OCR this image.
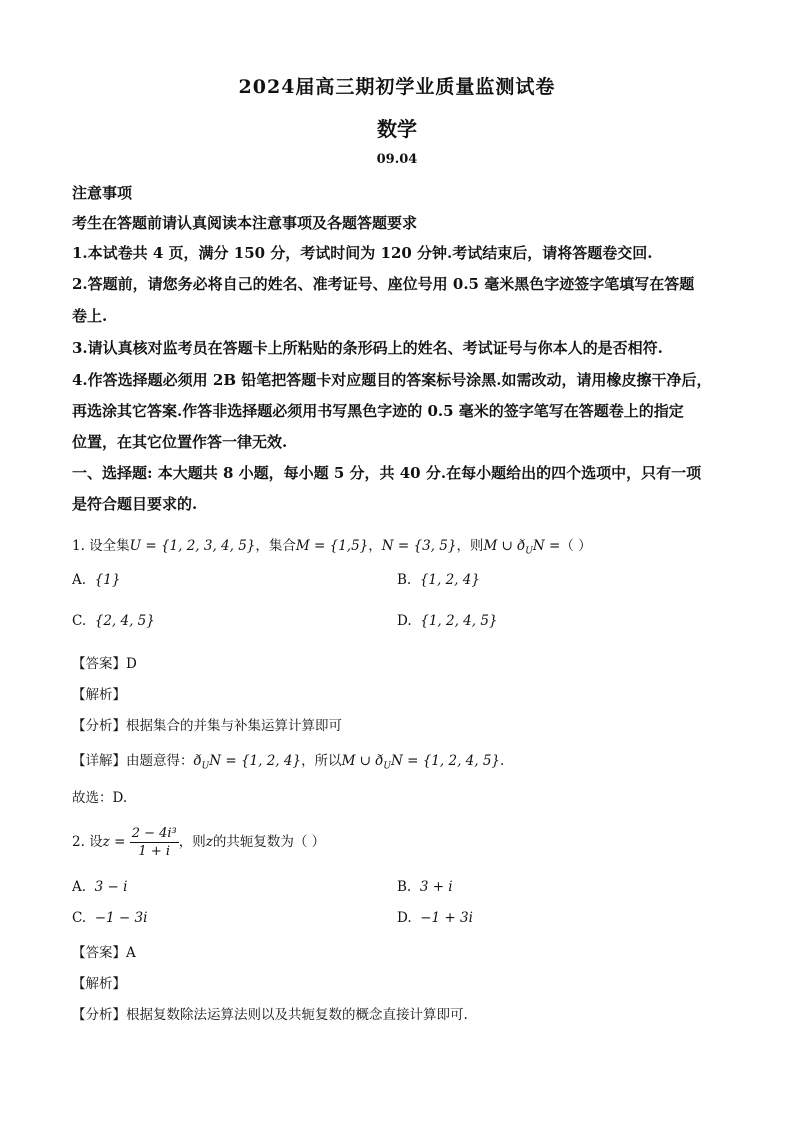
2024届高三期初学业质量监测试卷
数学
09.04
注意事项
考生在答题前请认真阅读本注意事项及各题答题要求
1.本试卷共 4 页，满分 150 分，考试时间为 120 分钟.考试结束后，请将答题卷交回.
2.答题前，请您务必将自己的姓名、准考证号、座位号用 0.5 毫米黑色字迹签字笔填写在答题
卷上.
3.请认真核对监考员在答题卡上所粘贴的条形码上的姓名、考试证号与你本人的是否相符.
4.作答选择题必须用 2B 铅笔把答题卡对应题目的答案标号涂黑.如需改动，请用橡皮擦干净后，
再选涂其它答案.作答非选择题必须用书写黑色字迹的 0.5 毫米的签字笔写在答题卷上的指定
位置，在其它位置作答一律无效.
一、选择题: 本大题共 8 小题，每小题 5 分，共 40 分.在每小题给出的四个选项中，只有一项
是符合题目要求的.
1. 设全集U = {1, 2, 3, 4, 5}，集合M = {1,5}，N = {3, 5}，则M ∪ $ð_UN$ =（ ）
A. {1}	B. {1, 2, 4}
C. {2, 4, 5}	D. {1, 2, 4, 5}
【答案】D
【解析】
【分析】根据集合的并集与补集运算计算即可
【详解】由题意得：$ð_UN = \{1$, 2, 4}，所以M ∪ $ð_UN = \{1$, 2, 4, 5}.
故选：D.
2. 设$z = \frac{\text{2 − 4i³}}{1 + i}$ ，则z的共轭复数为（ ）
A. 3 − i	B. 3 + i
C. −1 − 3i	D. −1 + 3i
【答案】A
【解析】
【分析】根据复数除法运算法则以及共轭复数的概念直接计算即可.
